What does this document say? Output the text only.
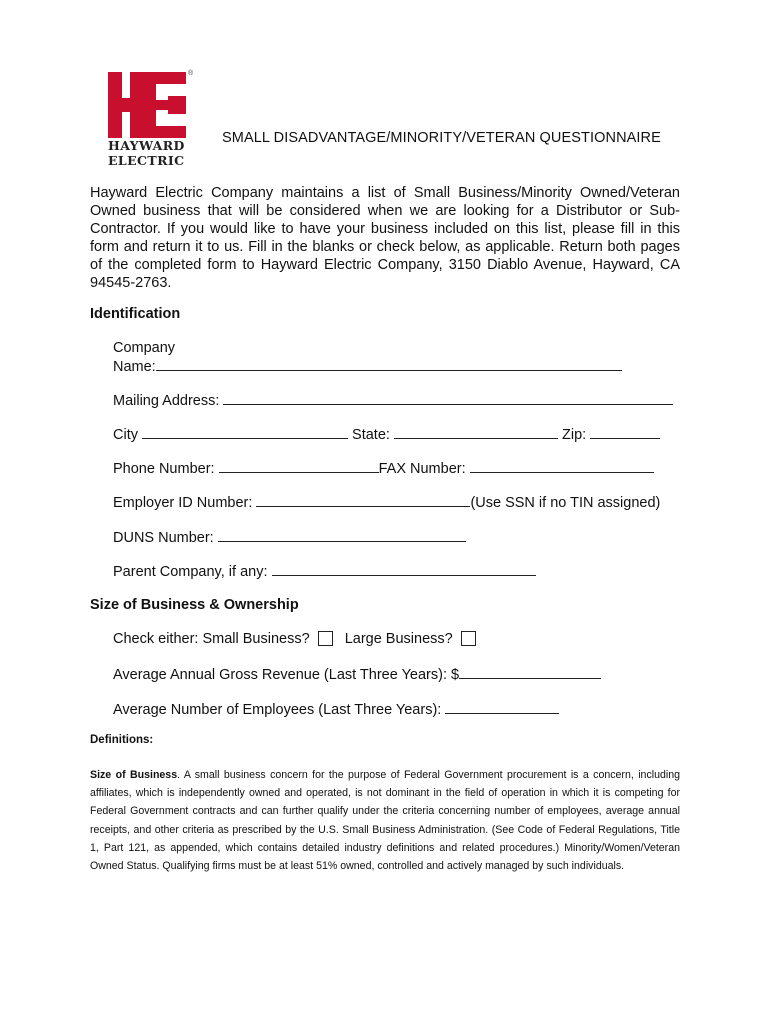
®
HAYWARD
ELECTRIC
SMALL DISADVANTAGE/MINORITY/VETERAN QUESTIONNAIRE
Hayward Electric Company maintains a list of Small Business/Minority Owned/Veteran Owned business that will be considered when we are looking for a Distributor or Sub-Contractor. If you would like to have your business included on this list, please fill in this form and return it to us. Fill in the blanks or check below, as applicable. Return both pages of the completed form to Hayward Electric Company, 3150 Diablo Avenue, Hayward, CA 94545-2763.
Identification
Company
Name:
Mailing Address:
City	State:	Zip:
Phone Number:	FAX Number:
Employer ID Number:	(Use SSN if no TIN assigned)
DUNS Number:
Parent Company, if any:
Size of Business & Ownership
Check either: Small Business? Large Business?
Average Annual Gross Revenue (Last Three Years): $
Average Number of Employees (Last Three Years):
Definitions:
Size of Business. A small business concern for the purpose of Federal Government procurement is a concern, including affiliates, which is independently owned and operated, is not dominant in the field of operation in which it is competing for Federal Government contracts and can further qualify under the criteria concerning number of employees, average annual receipts, and other criteria as prescribed by the U.S. Small Business Administration. (See Code of Federal Regulations, Title 1, Part 121, as appended, which contains detailed industry definitions and related procedures.) Minority/Women/Veteran Owned Status. Qualifying firms must be at least 51% owned, controlled and actively managed by such individuals.
